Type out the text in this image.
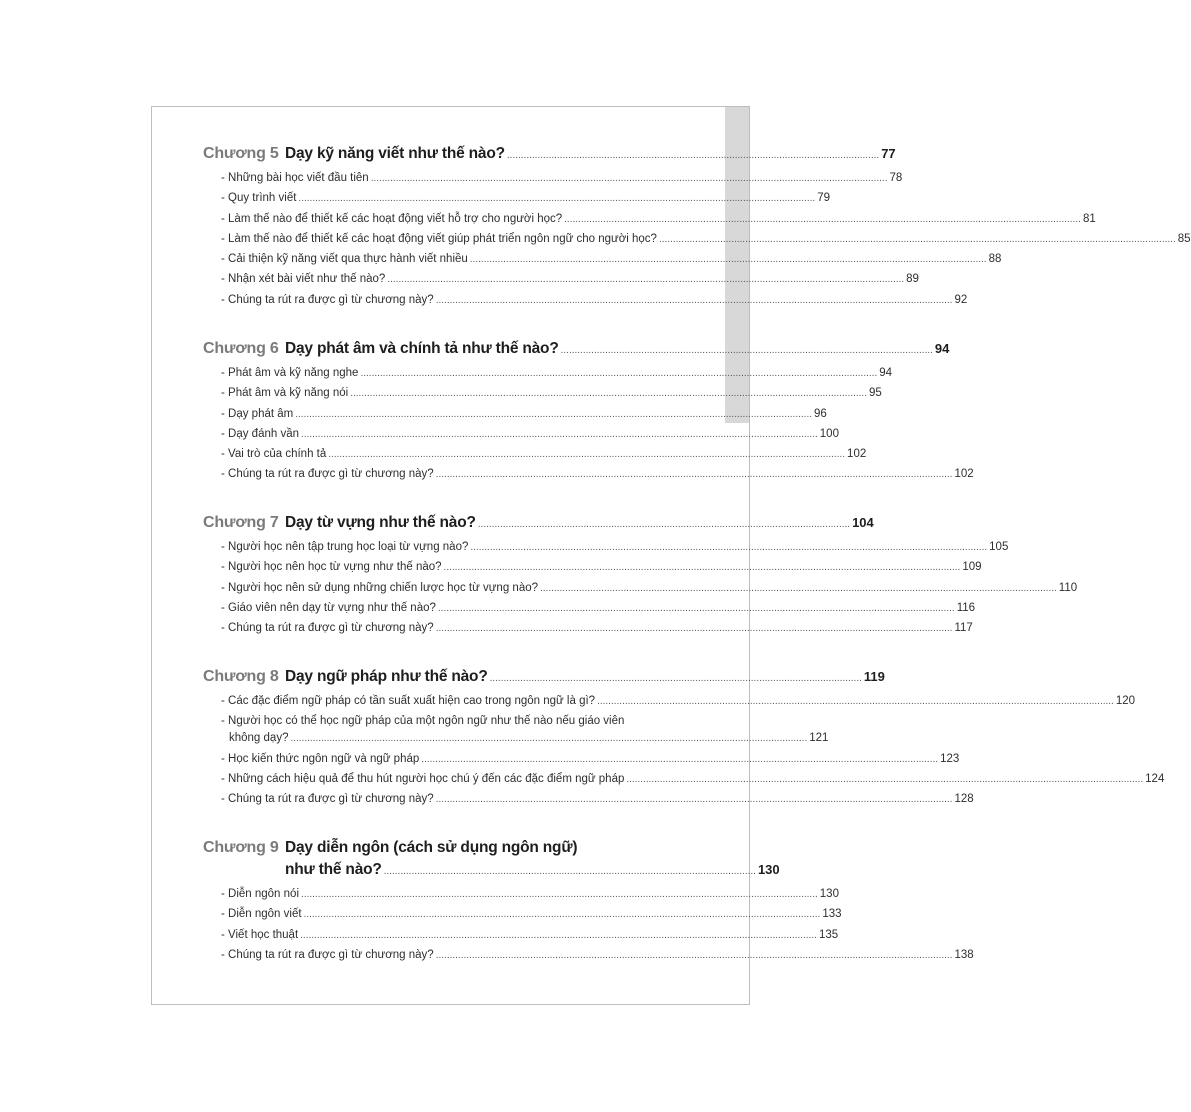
Chương 5 Dạy kỹ năng viết như thế nào? ...................................................................................................................................... 77
- Những bài học viết đầu tiên .......................................................................................................................................................................................... 78
- Quy trình viết .......................................................................................................................................................................................... 79
- Làm thế nào để thiết kế các hoạt động viết hỗ trợ cho người học? .......................................................................................................................................................................................... 81
- Làm thế nào để thiết kế các hoạt động viết giúp phát triển ngôn ngữ cho người học? .......................................................................................................................................................................................... 85
- Cải thiện kỹ năng viết qua thực hành viết nhiều .......................................................................................................................................................................................... 88
- Nhận xét bài viết như thế nào? .......................................................................................................................................................................................... 89
- Chúng ta rút ra được gì từ chương này? .......................................................................................................................................................................................... 92
Chương 6 Dạy phát âm và chính tả như thế nào? ...................................................................................................................................... 94
- Phát âm và kỹ năng nghe .......................................................................................................................................................................................... 94
- Phát âm và kỹ năng nói .......................................................................................................................................................................................... 95
- Dạy phát âm .......................................................................................................................................................................................... 96
- Dạy đánh vần .......................................................................................................................................................................................... 100
- Vai trò của chính tả .......................................................................................................................................................................................... 102
- Chúng ta rút ra được gì từ chương này? .......................................................................................................................................................................................... 102
Chương 7 Dạy từ vựng như thế nào? ...................................................................................................................................... 104
- Người học nên tập trung học loại từ vựng nào? .......................................................................................................................................................................................... 105
- Người học nên học từ vựng như thế nào? .......................................................................................................................................................................................... 109
- Người học nên sử dụng những chiến lược học từ vựng nào? .......................................................................................................................................................................................... 110
- Giáo viên nên dạy từ vựng như thế nào? .......................................................................................................................................................................................... 116
- Chúng ta rút ra được gì từ chương này? .......................................................................................................................................................................................... 117
Chương 8 Dạy ngữ pháp như thế nào? ...................................................................................................................................... 119
- Các đặc điểm ngữ pháp có tần suất xuất hiện cao trong ngôn ngữ là gì? .......................................................................................................................................................................................... 120
- Người học có thể học ngữ pháp của một ngôn ngữ như thế nào nếu giáo viên
không dạy? .......................................................................................................................................................................................... 121
- Học kiến thức ngôn ngữ và ngữ pháp .......................................................................................................................................................................................... 123
- Những cách hiệu quả để thu hút người học chú ý đến các đặc điểm ngữ pháp .......................................................................................................................................................................................... 124
- Chúng ta rút ra được gì từ chương này? .......................................................................................................................................................................................... 128
Chương 9 Dạy diễn ngôn (cách sử dụng ngôn ngữ)
như thế nào? ...................................................................................................................................... 130
- Diễn ngôn nói .......................................................................................................................................................................................... 130
- Diễn ngôn viết .......................................................................................................................................................................................... 133
- Viết học thuật .......................................................................................................................................................................................... 135
- Chúng ta rút ra được gì từ chương này? .......................................................................................................................................................................................... 138
